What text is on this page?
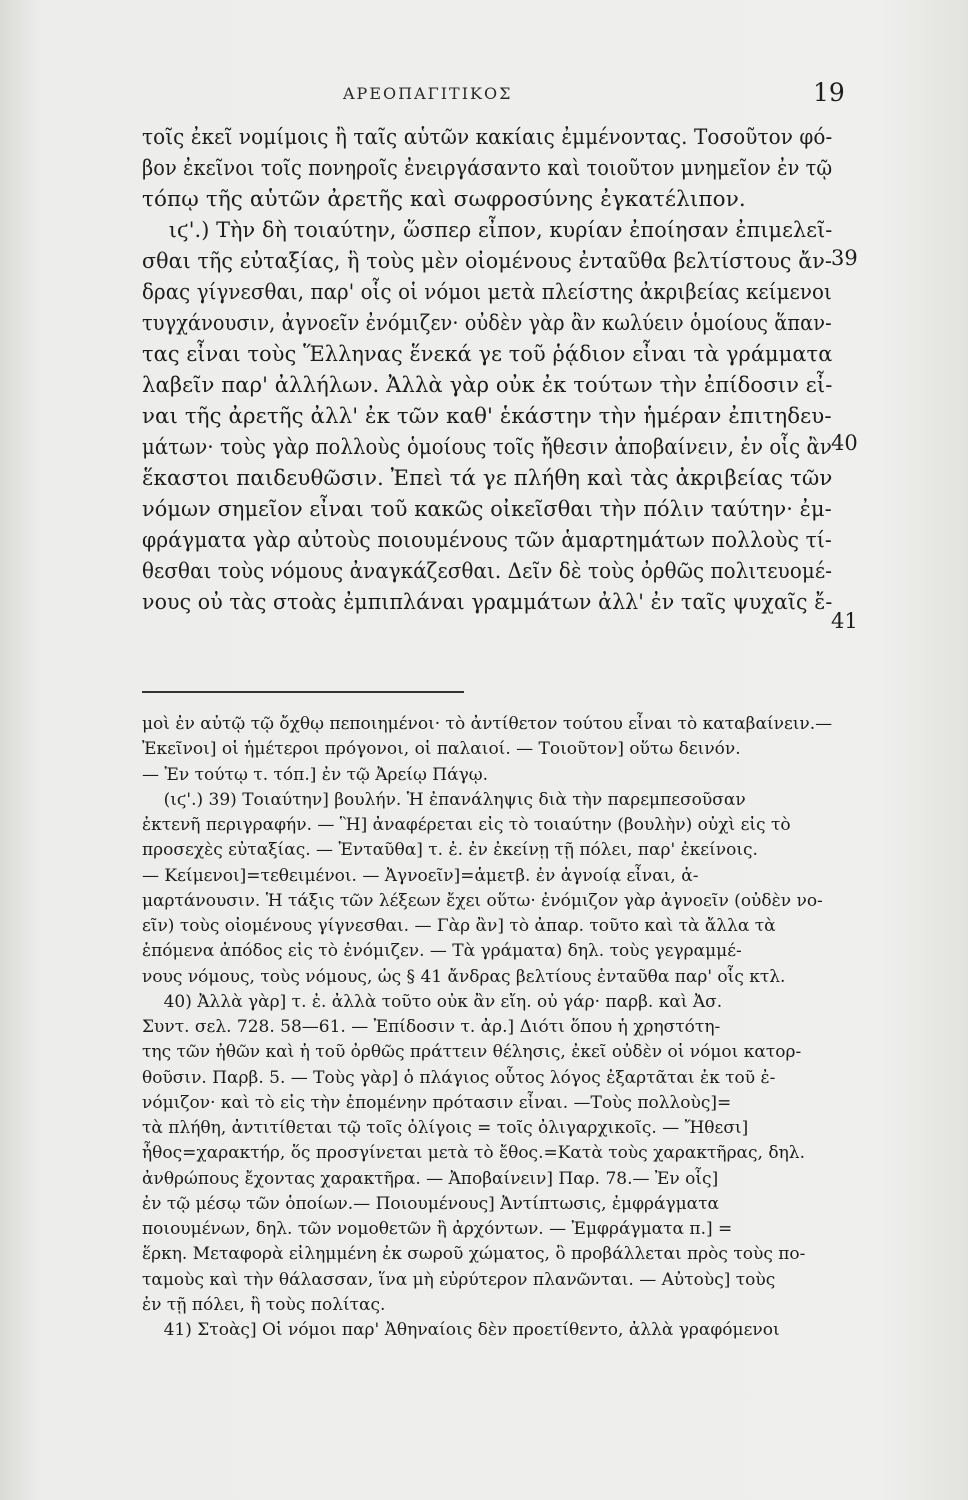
ΑΡΕΟΠΑΓΙΤΙΚΟΣ	19
τοῖς ἐκεῖ νομίμοις ἢ ταῖς αὑτῶν κακίαις ἐμμένοντας. Τοσοῦτον φό-
βον ἐκεῖνοι τοῖς πονηροῖς ἐνειργάσαντο καὶ τοιοῦτον μνημεῖον ἐν τῷ
τόπῳ τῆς αὑτῶν ἀρετῆς καὶ σωφροσύνης ἐγκατέλιπον.
ιϛ'.) Τὴν δὴ τοιαύτην, ὥσπερ εἶπον, κυρίαν ἐποίησαν ἐπιμελεῖ-
σθαι τῆς εὐταξίας, ἣ τοὺς μὲν οἰομένους ἐνταῦθα βελτίστους ἄν-
δρας γίγνεσθαι, παρ' οἷς οἱ νόμοι μετὰ πλείστης ἀκριβείας κείμενοι
τυγχάνουσιν, ἀγνοεῖν ἐνόμιζεν· οὐδὲν γὰρ ἂν κωλύειν ὁμοίους ἅπαν-
τας εἶναι τοὺς Ἕλληνας ἕνεκά γε τοῦ ῥᾴδιον εἶναι τὰ γράμματα
λαβεῖν παρ' ἀλλήλων. Ἀλλὰ γὰρ οὐκ ἐκ τούτων τὴν ἐπίδοσιν εἶ-
ναι τῆς ἀρετῆς ἀλλ' ἐκ τῶν καθ' ἑκάστην τὴν ἡμέραν ἐπιτηδευ-
μάτων· τοὺς γὰρ πολλοὺς ὁμοίους τοῖς ἤθεσιν ἀποβαίνειν, ἐν οἷς ἂν
ἕκαστοι παιδευθῶσιν. Ἐπεὶ τά γε πλήθη καὶ τὰς ἀκριβείας τῶν
νόμων σημεῖον εἶναι τοῦ κακῶς οἰκεῖσθαι τὴν πόλιν ταύτην· ἐμ-
φράγματα γὰρ αὐτοὺς ποιουμένους τῶν ἁμαρτημάτων πολλοὺς τί-
θεσθαι τοὺς νόμους ἀναγκάζεσθαι. Δεῖν δὲ τοὺς ὀρθῶς πολιτευομέ-
νους οὐ τὰς στοὰς ἐμπιπλάναι γραμμάτων ἀλλ' ἐν ταῖς ψυχαῖς ἔ-
39
40
41
μοὶ ἐν αὐτῷ τῷ ὄχθῳ πεποιημένοι· τὸ ἀντίθετον τούτου εἶναι τὸ καταβαίνειν.—
Ἐκεῖνοι] οἱ ἡμέτεροι πρόγονοι, οἱ παλαιοί. — Τοιοῦτον] οὕτω δεινόν.
— Ἐν τούτῳ τ. τόπ.] ἐν τῷ Ἀρείῳ Πάγῳ.
(ιϛ'.) 39) Τοιαύτην] βουλήν. Ἡ ἐπανάληψις διὰ τὴν παρεμπεσοῦσαν
ἐκτενῆ περιγραφήν. — Ἣ] ἀναφέρεται εἰς τὸ τοιαύτην (βουλὴν) οὐχὶ εἰς τὸ
προσεχὲς εὐταξίας. — Ἐνταῦθα] τ. ἐ. ἐν ἐκείνῃ τῇ πόλει, παρ' ἐκείνοις.
— Κείμενοι]=τεθειμένοι. — Ἀγνοεῖν]=ἁμετβ. ἐν ἀγνοίᾳ εἶναι, ἁ-
μαρτάνουσιν. Ἡ τάξις τῶν λέξεων ἔχει οὕτω· ἐνόμιζον γὰρ ἀγνοεῖν (οὐδὲν νο-
εῖν) τοὺς οἰομένους γίγνεσθαι. — Γὰρ ἂν] τὸ ἀπαρ. τοῦτο καὶ τὰ ἄλλα τὰ
ἑπόμενα ἀπόδος εἰς τὸ ἐνόμιζεν. — Τὰ γράματα) δηλ. τοὺς γεγραμμέ-
νους νόμους, τοὺς νόμους, ὡς § 41 ἄνδρας βελτίους ἐνταῦθα παρ' οἷς κτλ.
40) Ἀλλὰ γὰρ] τ. ἐ. ἀλλὰ τοῦτο οὐκ ἂν εἴη. οὐ γάρ· παρβ. καὶ Ἀσ.
Συντ. σελ. 728. 58—61. — Ἐπίδοσιν τ. ἀρ.] Διότι ὅπου ἡ χρηστότη-
της τῶν ἠθῶν καὶ ἡ τοῦ ὀρθῶς πράττειν θέλησις, ἐκεῖ οὐδὲν οἱ νόμοι κατορ-
θοῦσιν. Παρβ. 5. — Τοὺς γὰρ] ὁ πλάγιος οὗτος λόγος ἐξαρτᾶται ἐκ τοῦ ἐ-
νόμιζον· καὶ τὸ εἰς τὴν ἑπομένην πρότασιν εἶναι. —Τοὺς πολλοὺς]=
τὰ πλήθη, ἀντιτίθεται τῷ τοῖς ὀλίγοις = τοῖς ὀλιγαρχικοῖς. — Ἤθεσι]
ἦθος=χαρακτήρ, ὅς προσγίνεται μετὰ τὸ ἔθος.=Κατὰ τοὺς χαρακτῆρας, δηλ.
ἀνθρώπους ἔχοντας χαρακτῆρα. — Ἀποβαίνειν] Παρ. 78.— Ἐν οἷς]
ἐν τῷ μέσῳ τῶν ὁποίων.— Ποιουμένους] Ἀντίπτωσις, ἐμφράγματα
ποιουμένων, δηλ. τῶν νομοθετῶν ἢ ἀρχόντων. — Ἐμφράγματα π.] =
ἕρκη. Μεταφορὰ εἰλημμένη ἐκ σωροῦ χώματος, ὃ προβάλλεται πρὸς τοὺς πο-
ταμοὺς καὶ τὴν θάλασσαν, ἵνα μὴ εὐρύτερον πλανῶνται. — Αὐτοὺς] τοὺς
ἐν τῇ πόλει, ἢ τοὺς πολίτας.
41) Στοὰς] Οἱ νόμοι παρ' Ἀθηναίοις δὲν προετίθεντο, ἀλλὰ γραφόμενοι
